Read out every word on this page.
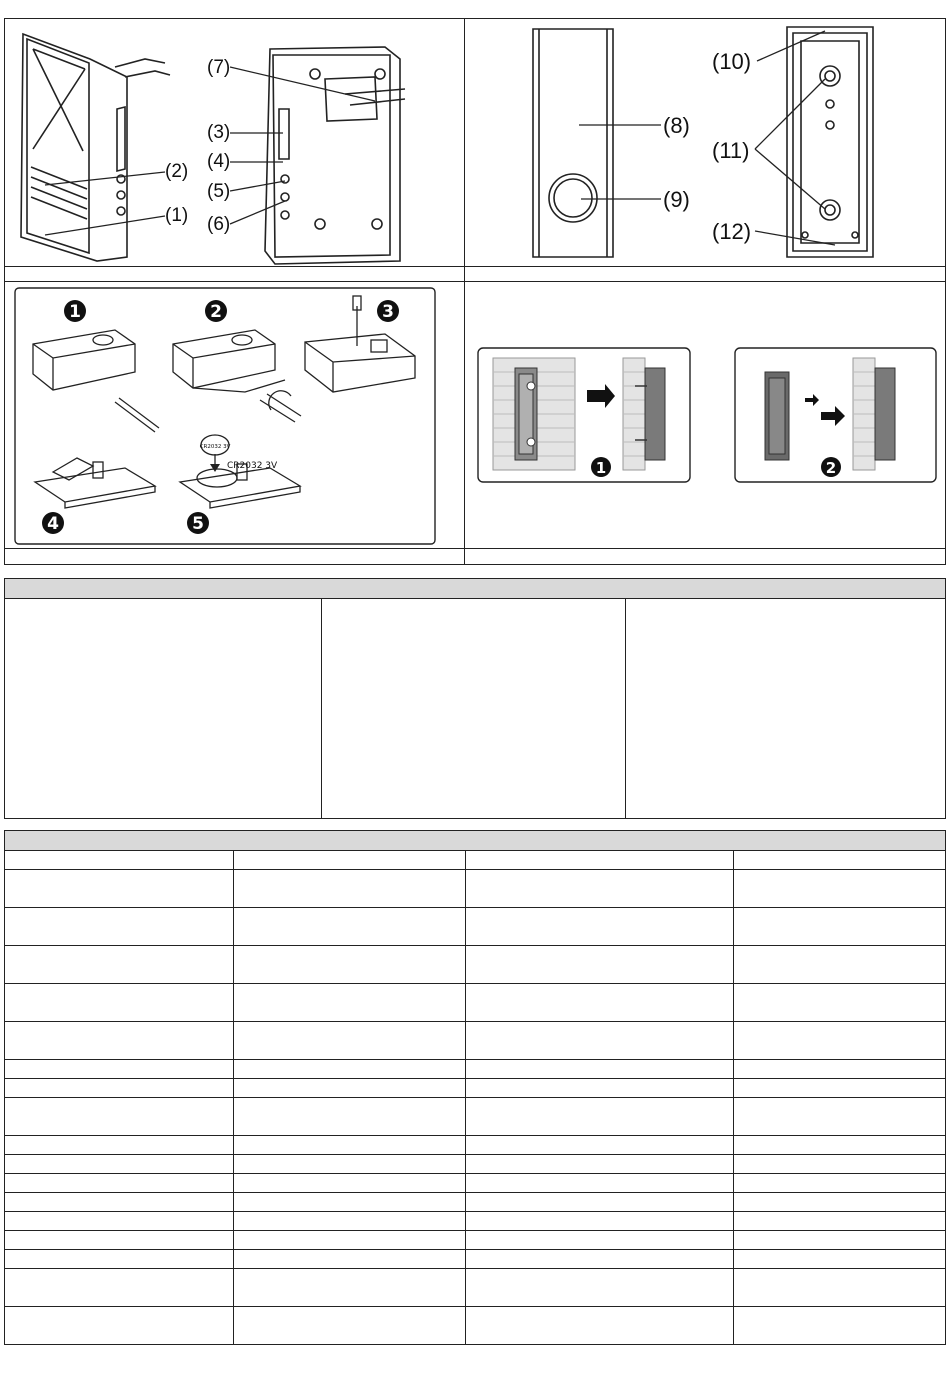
(1)
(2)
(3)
(4)
(5)
(6)
(7)
(8)
(9)
(10)
(11)
(12)
CR2032 3V
CR2032 3V
1	2	3
4	5
1	2
